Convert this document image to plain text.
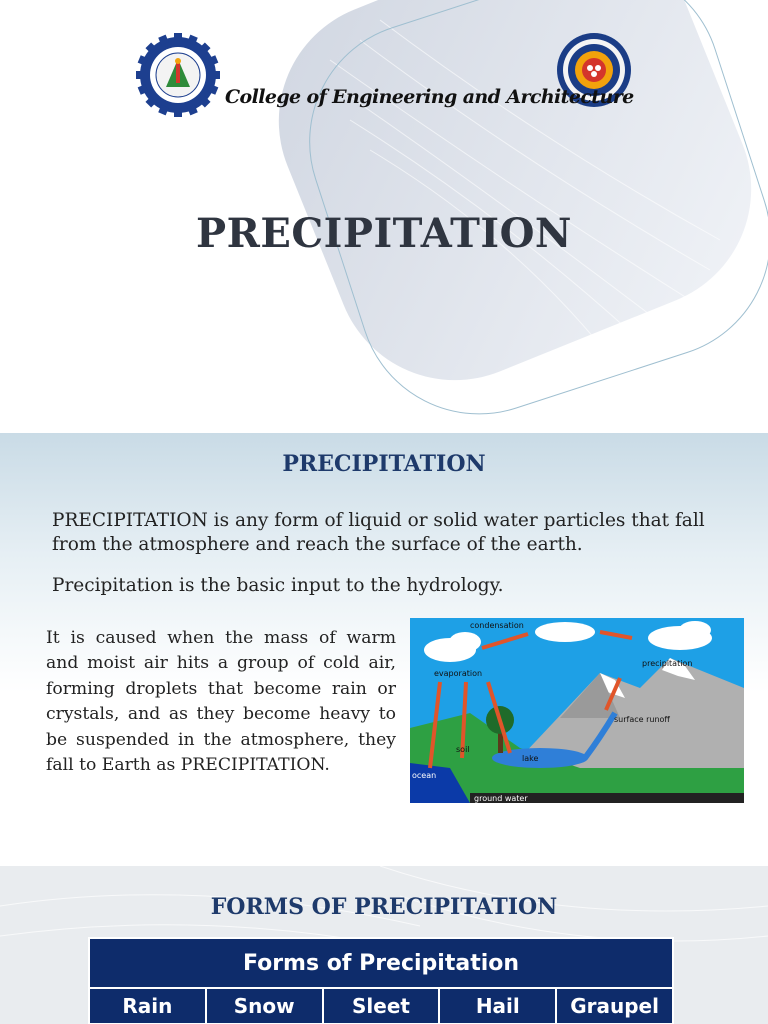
College of Engineering and Architecture
PRECIPITATION
PRECIPITATION
PRECIPITATION is any form of liquid or solid water particles that fall from the atmosphere and reach the surface of the earth.
Precipitation is the basic input to the hydrology.
It is caused when the mass of warm and moist air hits a group of cold air, forming droplets that become rain or crystals, and as they become heavy to be suspended in the atmosphere, they fall to Earth as PRECIPITATION.
condensation
precipitation
evaporation
surface runoff
soil
lake
ocean
ground water
FORMS OF PRECIPITATION
Forms of Precipitation
Rain	Snow	Sleet	Hail	Graupel
